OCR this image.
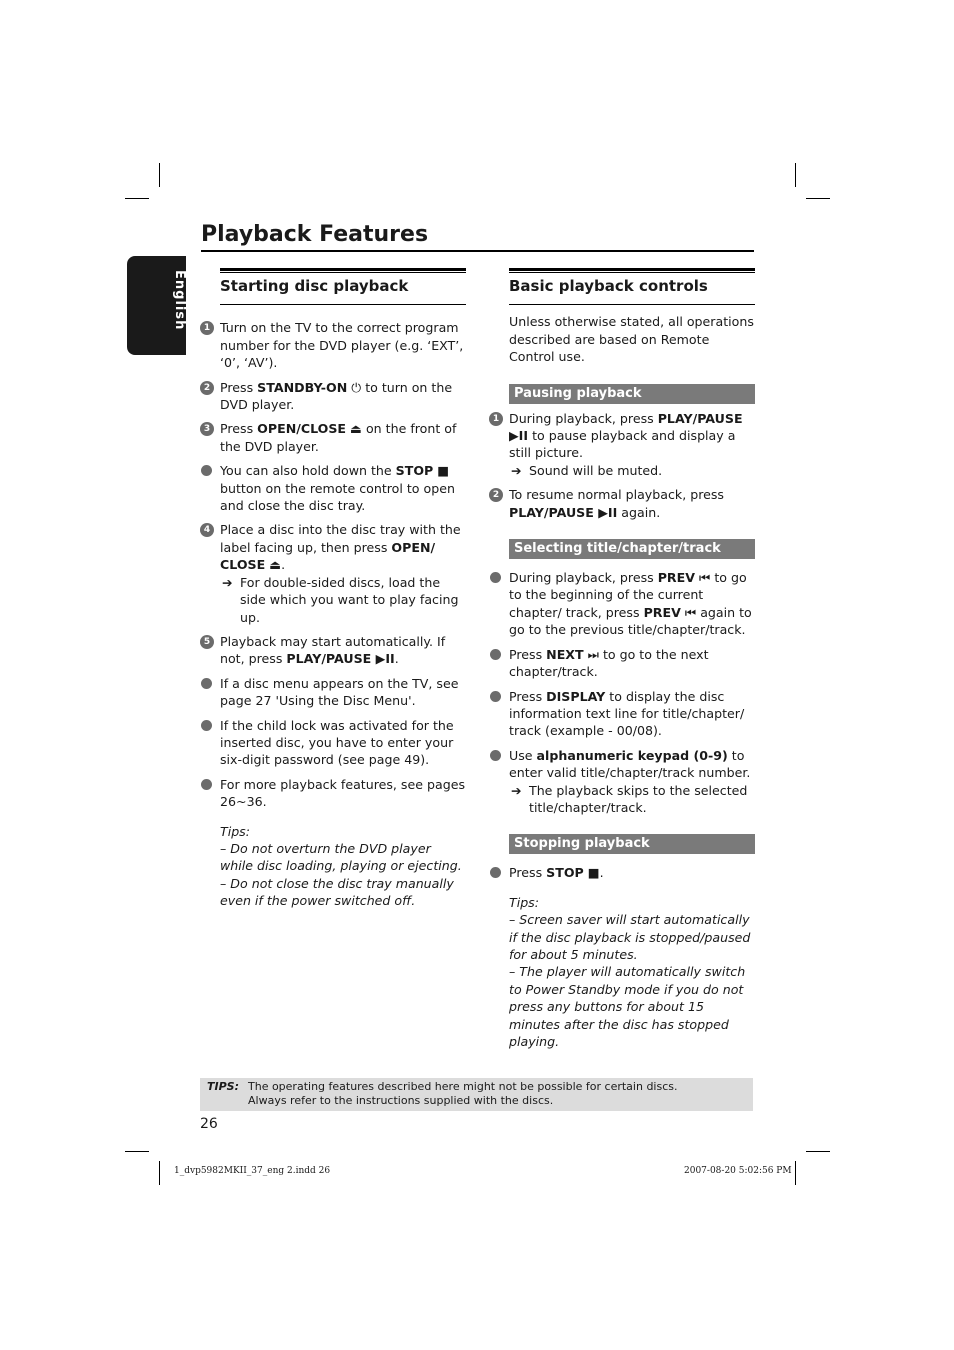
Playback Features
English Starting disc playback
1 Turn on the TV to the correct program number for the DVD player (e.g. ‘EXT’, ‘0’, ‘AV’).
2 Press STANDBY-ON ⏻ to turn on the DVD player.
3 Press OPEN/CLOSE ⏏ on the front of the DVD player.
You can also hold down the STOP ■ button on the remote control to open and close the disc tray.
4 Place a disc into the disc tray with the label facing up, then press OPEN/ CLOSE ⏏.
➔ For double-sided discs, load the side which you want to play facing up.
5 Playback may start automatically. If not, press PLAY/PAUSE ▶II.
If a disc menu appears on the TV, see page 27 'Using the Disc Menu'.
If the child lock was activated for the inserted disc, you have to enter your six-digit password (see page 49).
For more playback features, see pages 26~36.
Tips:
– Do not overturn the DVD player while disc loading, playing or ejecting.
– Do not close the disc tray manually even if the power switched off.
Basic playback controls
Unless otherwise stated, all operations described are based on Remote Control use.
Pausing playback
1 During playback, press PLAY/PAUSE ▶II to pause playback and display a still picture.
➔ Sound will be muted.
2 To resume normal playback, press PLAY/PAUSE ▶II again.
Selecting title/chapter/track
During playback, press PREV ⏮ to go to the beginning of the current chapter/ track, press PREV ⏮ again to go to the previous title/chapter/track.
Press NEXT ⏭ to go to the next chapter/track.
Press DISPLAY to display the disc information text line for title/chapter/ track (example - 00/08).
Use alphanumeric keypad (0-9) to enter valid title/chapter/track number.
➔ The playback skips to the selected title/chapter/track.
Stopping playback
Press STOP ■.
Tips:
– Screen saver will start automatically if the disc playback is stopped/paused for about 5 minutes.
– The player will automatically switch to Power Standby mode if you do not press any buttons for about 15 minutes after the disc has stopped playing.
TIPS: The operating features described here might not be possible for certain discs.
Always refer to the instructions supplied with the discs.
26
1_dvp5982MKII_37_eng 2.indd 26	2007-08-20 5:02:56 PM
